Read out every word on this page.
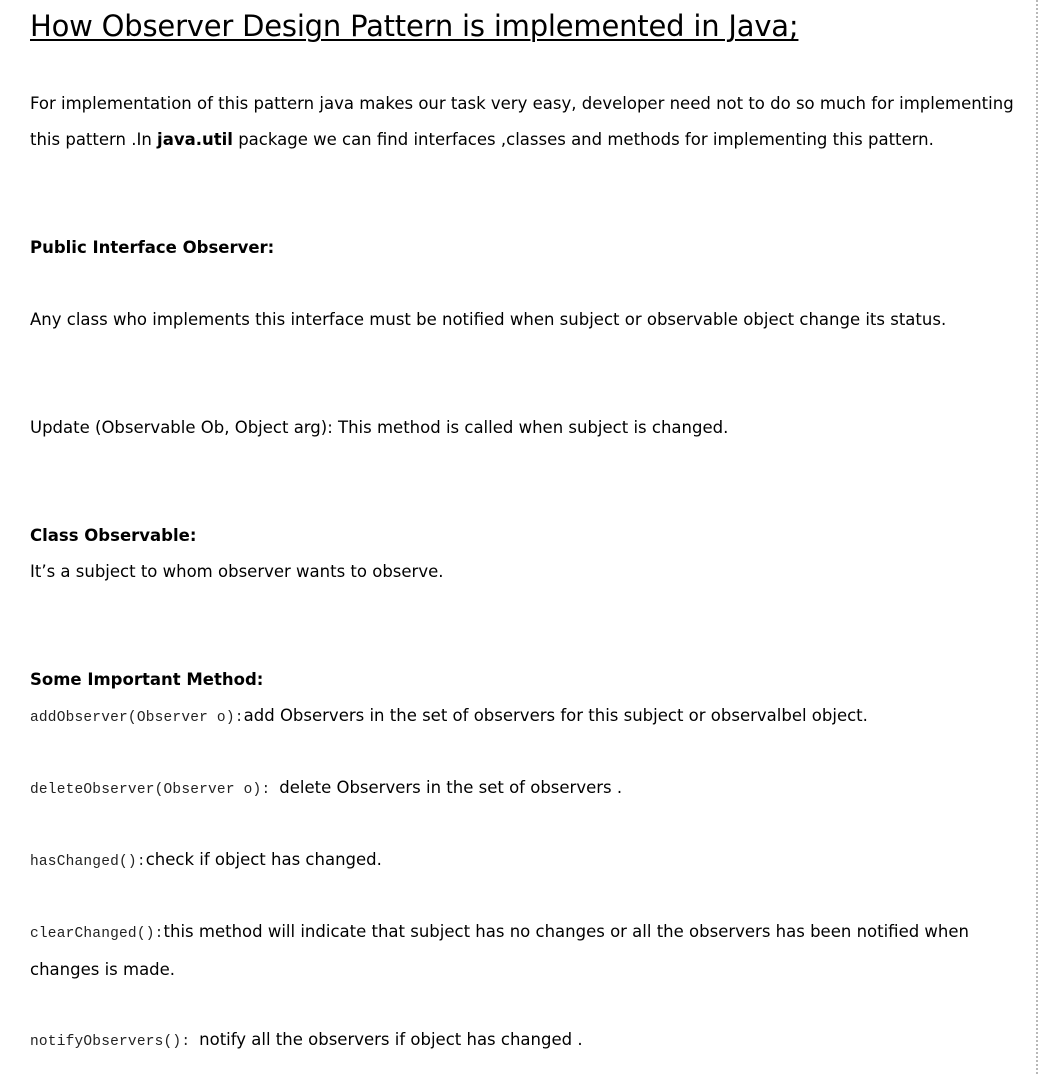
How Observer Design Pattern is implemented in Java;

For implementation of this pattern java makes our task very easy, developer need not to do so much for implementing this pattern .In java.util package we can find interfaces ,classes and methods for implementing this pattern.

Public Interface Observer:

Any class who implements this interface must be notified when subject or observable object change its status.

Update (Observable Ob, Object arg): This method is called when subject is changed.

Class Observable:

It’s a subject to whom observer wants to observe.

Some Important Method:

addObserver(Observer o):add Observers in the set of observers for this subject or observalbel object.

deleteObserver(Observer o): delete Observers in the set of observers .

hasChanged():check if object has changed.

clearChanged():this method will indicate that subject has no changes or all the observers has been notified when changes is made.

notifyObservers(): notify all the observers if object has changed .
